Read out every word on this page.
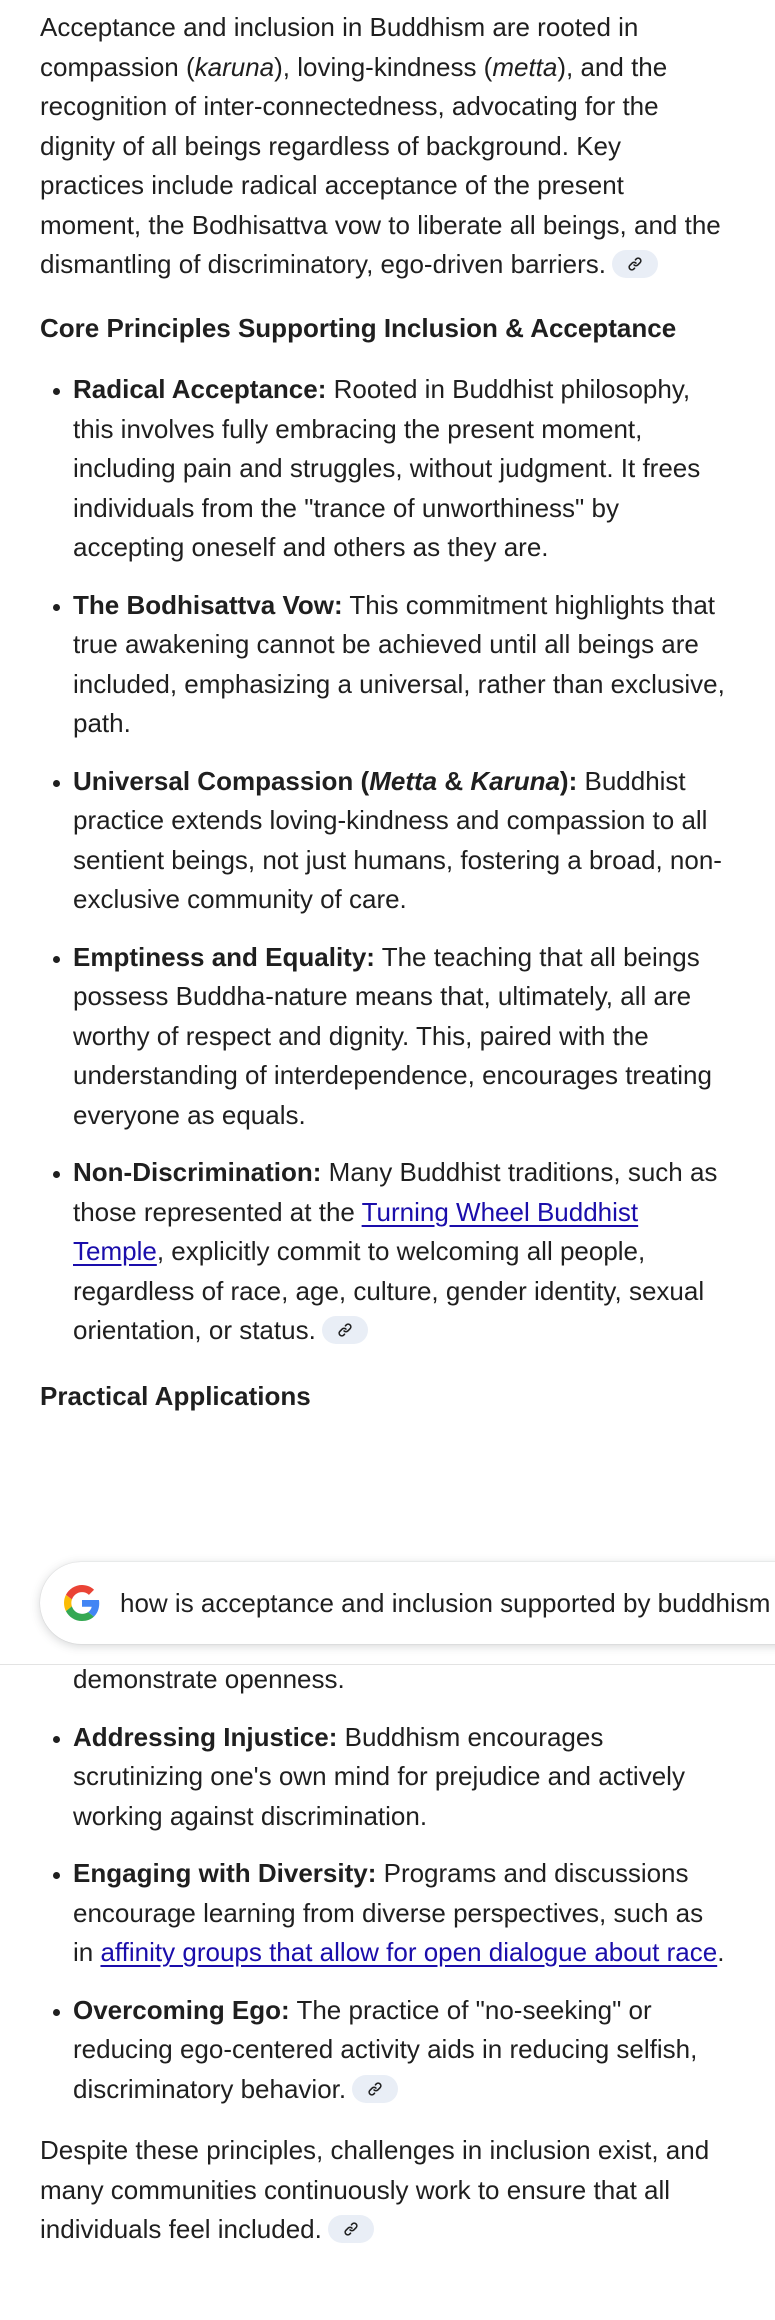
Acceptance and inclusion in Buddhism are rooted in compassion (karuna), loving-kindness (metta), and the recognition of inter-connectedness, advocating for the dignity of all beings regardless of background. Key practices include radical acceptance of the present moment, the Bodhisattva vow to liberate all beings, and the dismantling of discriminatory, ego-driven barriers.

Core Principles Supporting Inclusion & Acceptance
• Radical Acceptance: Rooted in Buddhist philosophy, this involves fully embracing the present moment, including pain and struggles, without judgment. It frees individuals from the "trance of unworthiness" by accepting oneself and others as they are.
• The Bodhisattva Vow: This commitment highlights that true awakening cannot be achieved until all beings are included, emphasizing a universal, rather than exclusive, path.
• Universal Compassion (Metta & Karuna): Buddhist practice extends loving-kindness and compassion to all sentient beings, not just humans, fostering a broad, non-exclusive community of care.
• Emptiness and Equality: The teaching that all beings possess Buddha-nature means that, ultimately, all are worthy of respect and dignity. This, paired with the understanding of interdependence, encourages treating everyone as equals.
• Non-Discrimination: Many Buddhist traditions, such as those represented at the Turning Wheel Buddhist Temple, explicitly commit to welcoming all people, regardless of race, age, culture, gender identity, sexual orientation, or status.
Practical Applications
demonstrate openness.
• Addressing Injustice: Buddhism encourages scrutinizing one's own mind for prejudice and actively working against discrimination.
• Engaging with Diversity: Programs and discussions encourage learning from diverse perspectives, such as in affinity groups that allow for open dialogue about race.
• Overcoming Ego: The practice of "no-seeking" or reducing ego-centered activity aids in reducing selfish, discriminatory behavior.

Despite these principles, challenges in inclusion exist, and many communities continuously work to ensure that all individuals feel included.

how is acceptance and inclusion supported by buddhism
